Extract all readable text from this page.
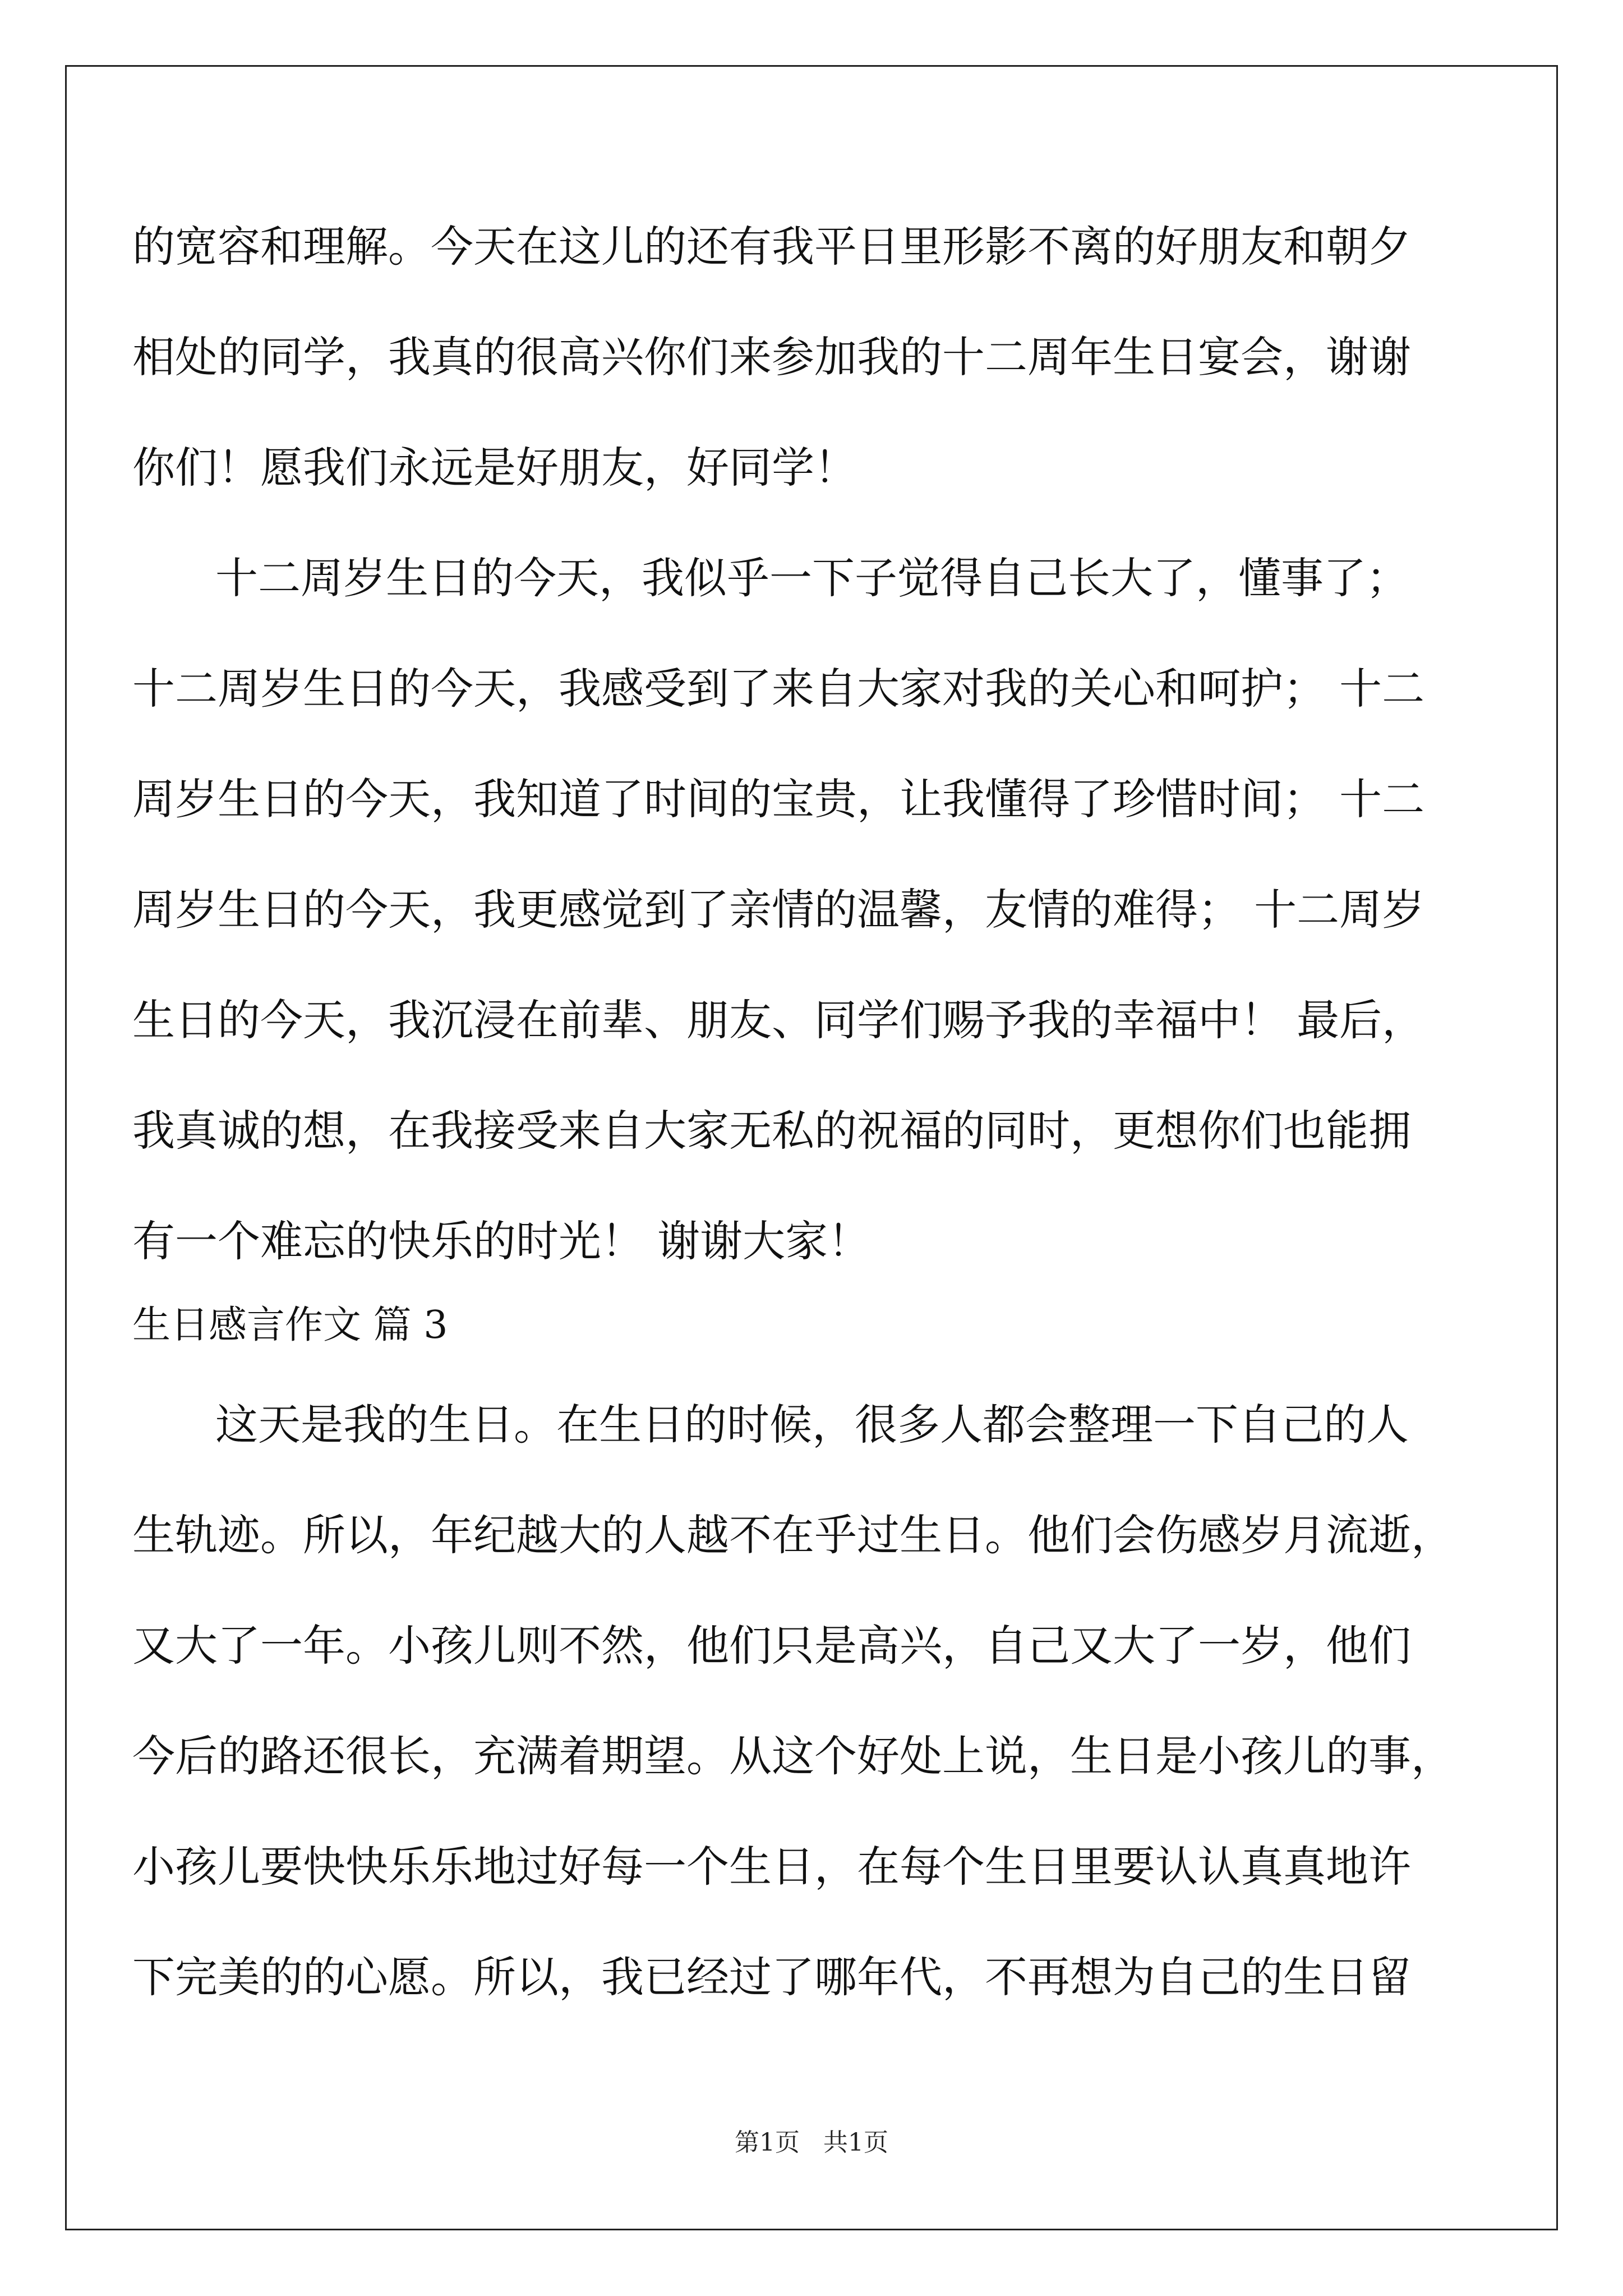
的宽容和理解。今天在这儿的还有我平日里形影不离的好朋友和朝夕
相处的同学，我真的很高兴你们来参加我的十二周年生日宴会，谢谢
你们！愿我们永远是好朋友，好同学！
十二周岁生日的今天，我似乎一下子觉得自己长大了，懂事了；
十二周岁生日的今天，我感受到了来自大家对我的关心和呵护； 十二
周岁生日的今天，我知道了时间的宝贵，让我懂得了珍惜时间； 十二
周岁生日的今天，我更感觉到了亲情的温馨，友情的难得； 十二周岁
生日的今天，我沉浸在前辈、朋友、同学们赐予我的幸福中！ 最后，
我真诚的想，在我接受来自大家无私的祝福的同时，更想你们也能拥
有一个难忘的快乐的时光！ 谢谢大家！
生日感言作文 篇 3
这天是我的生日。在生日的时候，很多人都会整理一下自己的人
生轨迹。所以，年纪越大的人越不在乎过生日。他们会伤感岁月流逝，
又大了一年。小孩儿则不然，他们只是高兴，自己又大了一岁，他们
今后的路还很长，充满着期望。从这个好处上说，生日是小孩儿的事，
小孩儿要快快乐乐地过好每一个生日，在每个生日里要认认真真地许
下完美的的心愿。所以，我已经过了哪年代，不再想为自己的生日留
第1页 共1页
